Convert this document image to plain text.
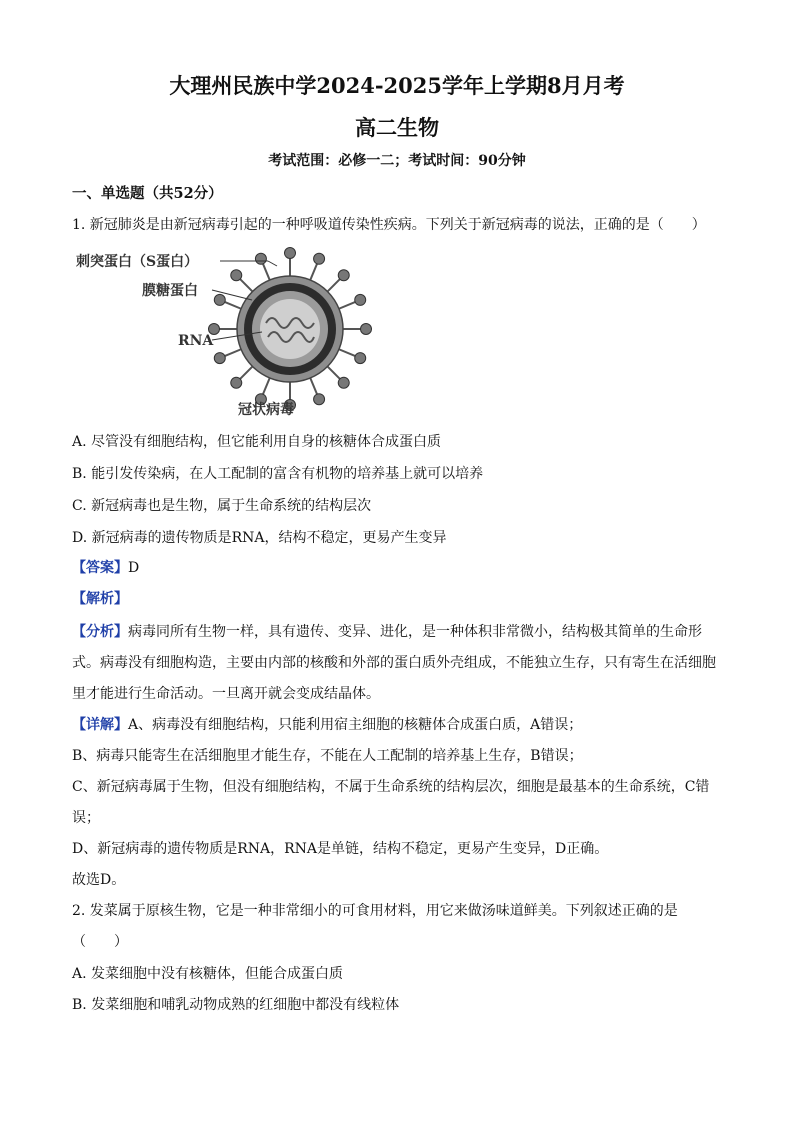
大理州民族中学2024-2025学年上学期8月月考
高二生物
考试范围：必修一二；考试时间：90分钟
一、单选题（共52分）
1. 新冠肺炎是由新冠病毒引起的一种呼吸道传染性疾病。下列关于新冠病毒的说法，正确的是（　　）
刺突蛋白（S蛋白）
膜糖蛋白
RNA
冠状病毒
A. 尽管没有细胞结构，但它能利用自身的核糖体合成蛋白质
B. 能引发传染病，在人工配制的富含有机物的培养基上就可以培养
C. 新冠病毒也是生物，属于生命系统的结构层次
D. 新冠病毒的遗传物质是RNA，结构不稳定，更易产生变异
【答案】D
【解析】
【分析】病毒同所有生物一样，具有遗传、变异、进化，是一种体积非常微小，结构极其简单的生命形
式。病毒没有细胞构造，主要由内部的核酸和外部的蛋白质外壳组成，不能独立生存，只有寄生在活细胞
里才能进行生命活动。一旦离开就会变成结晶体。
【详解】A、病毒没有细胞结构，只能利用宿主细胞的核糖体合成蛋白质，A错误；
B、病毒只能寄生在活细胞里才能生存，不能在人工配制的培养基上生存，B错误；
C、新冠病毒属于生物，但没有细胞结构，不属于生命系统的结构层次，细胞是最基本的生命系统，C错
误；
D、新冠病毒的遗传物质是RNA，RNA是单链，结构不稳定，更易产生变异，D正确。
故选D。
2. 发菜属于原核生物，它是一种非常细小的可食用材料，用它来做汤味道鲜美。下列叙述正确的是
（　　）
A. 发菜细胞中没有核糖体，但能合成蛋白质
B. 发菜细胞和哺乳动物成熟的红细胞中都没有线粒体
